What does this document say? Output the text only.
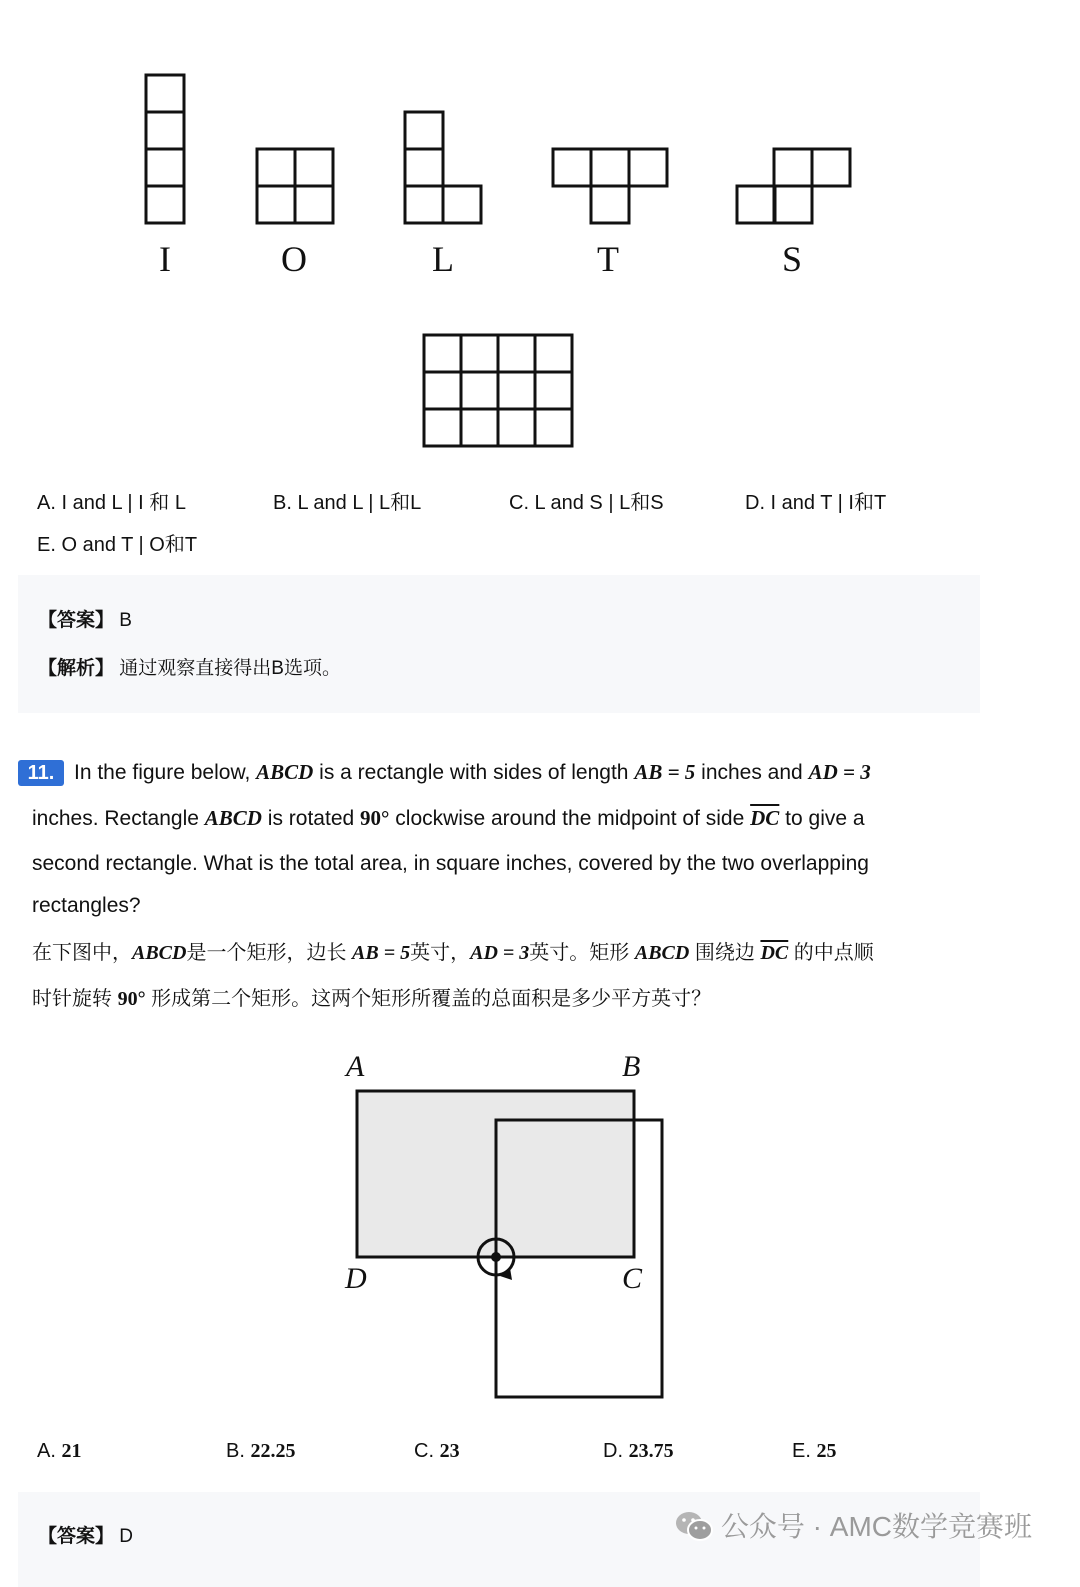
I	O	L	T	S
A. I and L | I 和 L	B. L and L | L和L	C. L and S | L和S	D. I and T | I和T
E. O and T | O和T
【答案】 B
【解析】 通过观察直接得出B选项。
11. In the figure below, ABCD is a rectangle with sides of length AB = 5 inches and AD = 3
inches. Rectangle ABCD is rotated 90° clockwise around the midpoint of side $\overline{DC}$ to give a
second rectangle. What is the total area, in square inches, covered by the two overlapping
rectangles?
在下图中，ABCD是一个矩形，边长 AB = 5英寸，AD = 3英寸。矩形 ABCD 围绕边 $\overline{DC}$ 的中点顺
时针旋转 90° 形成第二个矩形。这两个矩形所覆盖的总面积是多少平方英寸？
A	B
D	C
A. 21	B. 22.25	C. 23	D. 23.75	E. 25
【答案】 D	公众号 · AMC数学竞赛班
